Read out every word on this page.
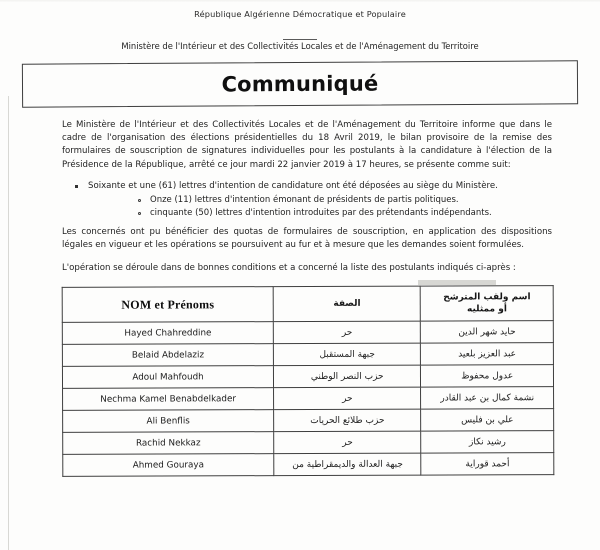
République Algérienne Démocratique et Populaire
Ministère de l'Intérieur et des Collectivités Locales et de l'Aménagement du Territoire
Communiqué

Le Ministère de l'Intérieur et des Collectivités Locales et de l'Aménagement du Territoire informe que dans le cadre de l'organisation des élections présidentielles du 18 Avril 2019, le bilan provisoire de la remise des formulaires de souscription de signatures individuelles pour les postulants à la candidature à l'élection de la Présidence de la République, arrêté ce jour mardi 22 janvier 2019 à 17 heures, se présente comme suit:

Soixante et une (61) lettres d'intention de candidature ont été déposées au siège du Ministère.
Onze (11) lettres d'intention émonant de présidents de partis politiques.
cinquante (50) lettres d'intention introduites par des prétendants indépendants.

Les concernés ont pu bénéficier des quotas de formulaires de souscription, en application des dispositions légales en vigueur et les opérations se poursuivent au fur et à mesure que les demandes soient formulées.

L'opération se déroule dans de bonnes conditions et a concerné la liste des postulants indiqués ci-après :

NOM et Prénoms	الصفة	اسم ولقب المترشح
أو ممثليه

Hayed Chahreddine	حر	حايد شهر الدين
Belaid Abdelaziz	جبهة المستقبل	عبد العزيز بلعيد
Adoul Mahfoudh	حزب النصر الوطني	عدول محفوظ
Nechma Kamel Benabdelkader	حر	نشمة كمال بن عبد القادر
Ali Benflis	حزب طلائع الحريات	علي بن فليس
Rachid Nekkaz	حر	رشيد نكاز
Ahmed Gouraya	جبهة العدالة والديمقراطية من	أحمد قوراية
